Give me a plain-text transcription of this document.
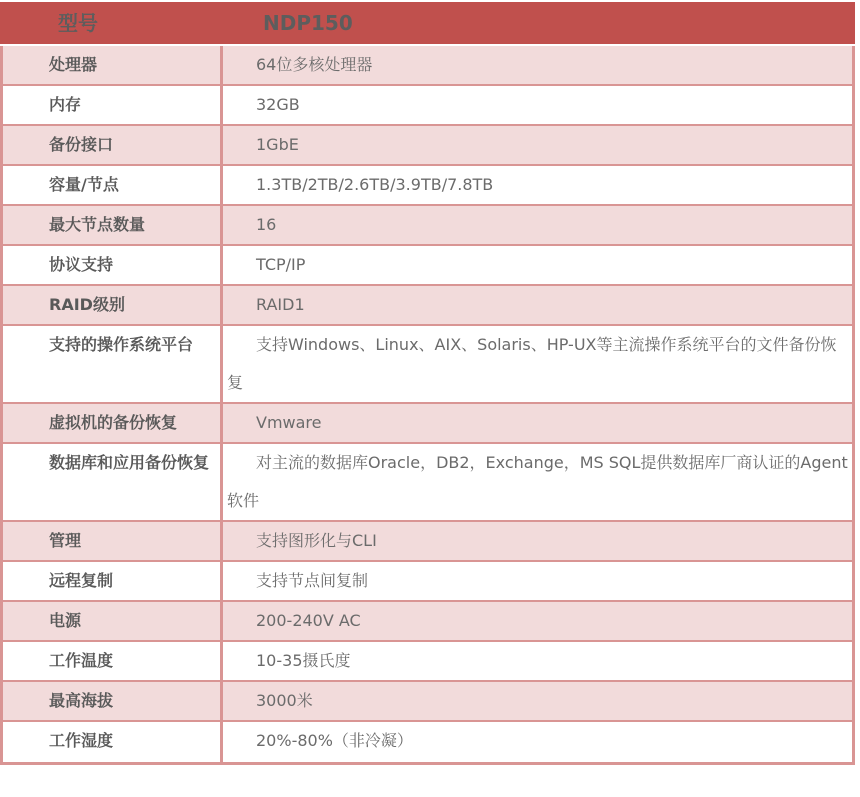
型号	NDP150
处理器	64位多核处理器
内存	32GB
备份接口	1GbE
容量/节点	1.3TB/2TB/2.6TB/3.9TB/7.8TB
最大节点数量	16
协议支持	TCP/IP
RAID级别	RAID1
支持的操作系统平台	支持Windows、Linux、AIX、Solaris、HP-UX等主流操作系统平台的文件备份恢复
虚拟机的备份恢复	Vmware
数据库和应用备份恢复	对主流的数据库Oracle，DB2，Exchange，MS SQL提供数据库厂商认证的Agent软件
管理	支持图形化与CLI
远程复制	支持节点间复制
电源	200-240V AC
工作温度	10-35摄氏度
最高海拔	3000米
工作湿度	20%-80%（非冷凝）
